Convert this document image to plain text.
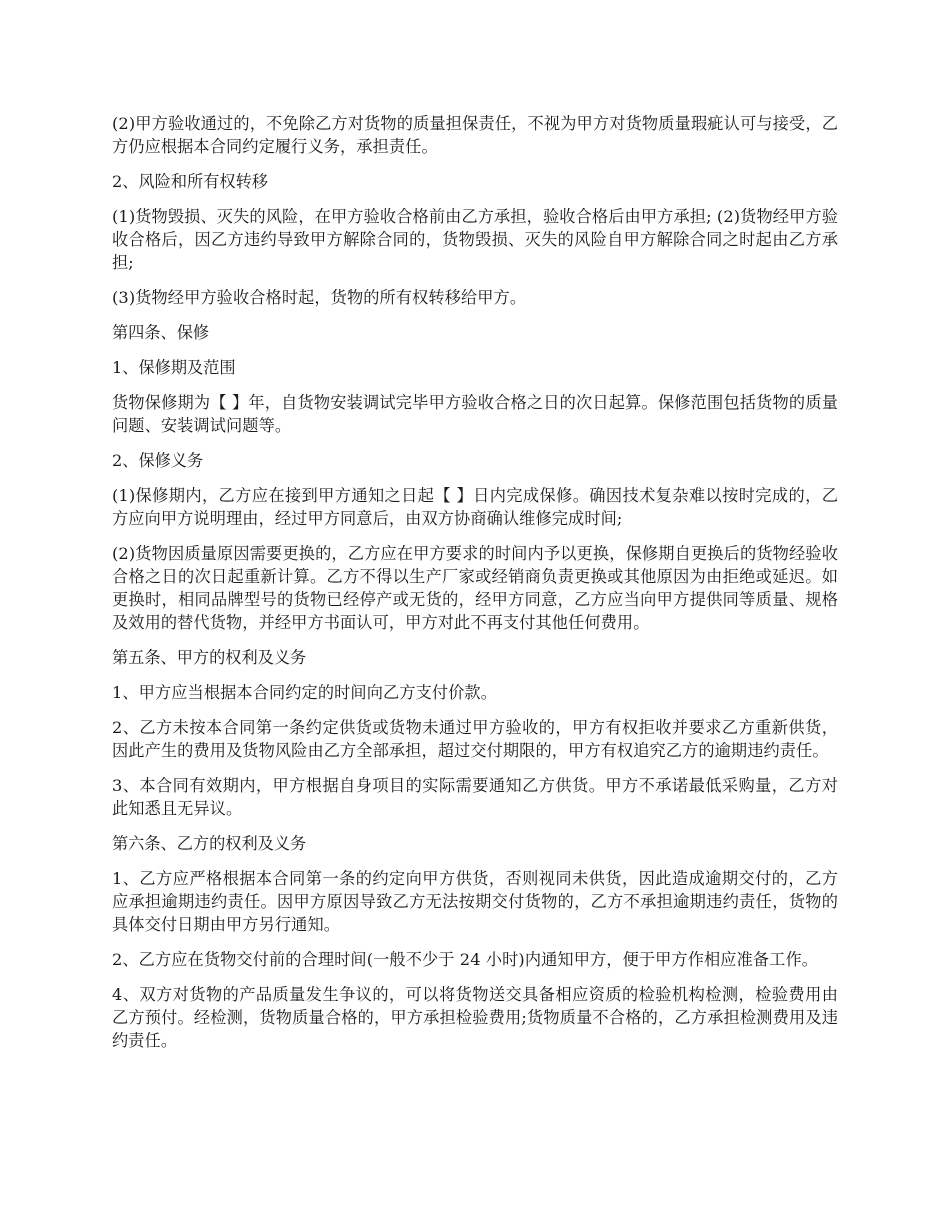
(2)甲方验收通过的，不免除乙方对货物的质量担保责任，不视为甲方对货物质量瑕疵认可与接受，乙方仍应根据本合同约定履行义务，承担责任。

2、风险和所有权转移

(1)货物毁损、灭失的风险，在甲方验收合格前由乙方承担，验收合格后由甲方承担; (2)货物经甲方验收合格后，因乙方违约导致甲方解除合同的，货物毁损、灭失的风险自甲方解除合同之时起由乙方承担;

(3)货物经甲方验收合格时起，货物的所有权转移给甲方。

第四条、保修

1、保修期及范围

货物保修期为【 】年，自货物安装调试完毕甲方验收合格之日的次日起算。保修范围包括货物的质量问题、安装调试问题等。

2、保修义务

(1)保修期内，乙方应在接到甲方通知之日起【 】日内完成保修。确因技术复杂难以按时完成的，乙方应向甲方说明理由，经过甲方同意后，由双方协商确认维修完成时间;

(2)货物因质量原因需要更换的，乙方应在甲方要求的时间内予以更换，保修期自更换后的货物经验收合格之日的次日起重新计算。乙方不得以生产厂家或经销商负责更换或其他原因为由拒绝或延迟。如更换时，相同品牌型号的货物已经停产或无货的，经甲方同意，乙方应当向甲方提供同等质量、规格及效用的替代货物，并经甲方书面认可，甲方对此不再支付其他任何费用。

第五条、甲方的权利及义务

1、甲方应当根据本合同约定的时间向乙方支付价款。

2、乙方未按本合同第一条约定供货或货物未通过甲方验收的，甲方有权拒收并要求乙方重新供货，因此产生的费用及货物风险由乙方全部承担，超过交付期限的，甲方有权追究乙方的逾期违约责任。

3、本合同有效期内，甲方根据自身项目的实际需要通知乙方供货。甲方不承诺最低采购量，乙方对此知悉且无异议。

第六条、乙方的权利及义务

1、乙方应严格根据本合同第一条的约定向甲方供货，否则视同未供货，因此造成逾期交付的，乙方应承担逾期违约责任。因甲方原因导致乙方无法按期交付货物的，乙方不承担逾期违约责任，货物的具体交付日期由甲方另行通知。

2、乙方应在货物交付前的合理时间(一般不少于 24 小时)内通知甲方，便于甲方作相应准备工作。

4、双方对货物的产品质量发生争议的，可以将货物送交具备相应资质的检验机构检测，检验费用由乙方预付。经检测，货物质量合格的，甲方承担检验费用;货物质量不合格的，乙方承担检测费用及违约责任。
